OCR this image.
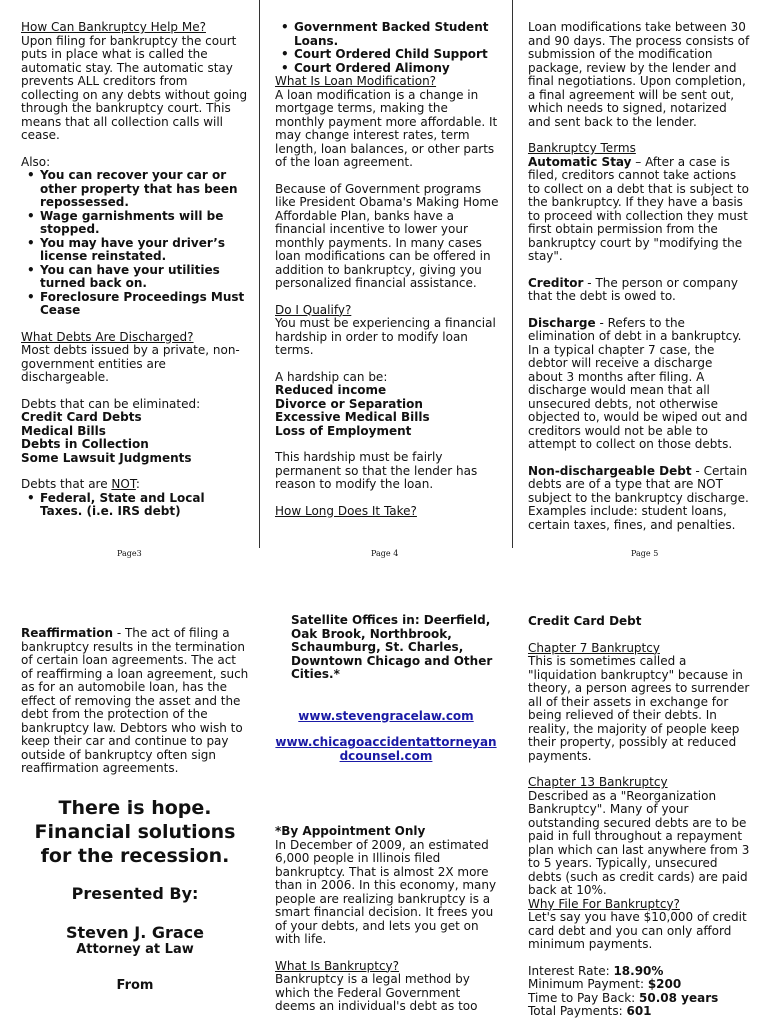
How Can Bankruptcy Help Me?

Upon filing for bankruptcy the court puts in place what is called the automatic stay. The automatic stay prevents ALL creditors from collecting on any debts without going through the bankruptcy court. This means that all collection calls will cease.

Also:

• You can recover your car or other property that has been repossessed.
• Wage garnishments will be stopped.
• You may have your driver’s license reinstated.
• You can have your utilities turned back on.
• Foreclosure Proceedings Must Cease

What Debts Are Discharged?

Most debts issued by a private, non-government entities are dischargeable.

Debts that can be eliminated:

Credit Card Debts

Medical Bills

Debts in Collection

Some Lawsuit Judgments

Debts that are NOT:

• Federal, State and Local Taxes. (i.e. IRS debt)
Page3
• Government Backed Student Loans.
• Court Ordered Child Support
• Court Ordered Alimony

What Is Loan Modification?

A loan modification is a change in mortgage terms, making the monthly payment more affordable. It may change interest rates, term length, loan balances, or other parts of the loan agreement.

Because of Government programs like President Obama's Making Home Affordable Plan, banks have a financial incentive to lower your monthly payments. In many cases loan modifications can be offered in addition to bankruptcy, giving you personalized financial assistance.

Do I Qualify?

You must be experiencing a financial hardship in order to modify loan terms.

A hardship can be:

Reduced income

Divorce or Separation

Excessive Medical Bills

Loss of Employment

This hardship must be fairly permanent so that the lender has reason to modify the loan.

How Long Does It Take?

Page 4

Loan modifications take between 30 and 90 days. The process consists of submission of the modification package, review by the lender and final negotiations. Upon completion, a final agreement will be sent out, which needs to signed, notarized and sent back to the lender.

Bankruptcy Terms

Automatic Stay – After a case is filed, creditors cannot take actions to collect on a debt that is subject to the bankruptcy. If they have a basis to proceed with collection they must first obtain permission from the bankruptcy court by "modifying the stay".

Creditor - The person or company that the debt is owed to.

Discharge - Refers to the elimination of debt in a bankruptcy. In a typical chapter 7 case, the debtor will receive a discharge about 3 months after filing. A discharge would mean that all unsecured debts, not otherwise objected to, would be wiped out and creditors would not be able to attempt to collect on those debts.

Non-dischargeable Debt - Certain debts are of a type that are NOT subject to the bankruptcy discharge. Examples include: student loans, certain taxes, fines, and penalties.

Page 5

Reaffirmation - The act of filing a bankruptcy results in the termination of certain loan agreements. The act of reaffirming a loan agreement, such as for an automobile loan, has the effect of removing the asset and the debt from the protection of the bankruptcy law. Debtors who wish to keep their car and continue to pay outside of bankruptcy often sign reaffirmation agreements.

There is hope. Financial solutions for the recession.

Presented By:

Steven J. Grace

Attorney at Law

From

Satellite Offices in: Deerfield, Oak Brook, Northbrook, Schaumburg, St. Charles, Downtown Chicago and Other Cities.*

www.stevengracelaw.com

www.chicagoaccidentattorneyandcounsel.com

*By Appointment Only

In December of 2009, an estimated 6,000 people in Illinois filed bankruptcy. That is almost 2X more than in 2006. In this economy, many people are realizing bankruptcy is a smart financial decision. It frees you of your debts, and lets you get on with life.

What Is Bankruptcy?

Bankruptcy is a legal method by which the Federal Government deems an individual's debt as too

Credit Card Debt

Chapter 7 Bankruptcy

This is sometimes called a "liquidation bankruptcy" because in theory, a person agrees to surrender all of their assets in exchange for being relieved of their debts. In reality, the majority of people keep their property, possibly at reduced payments.

Chapter 13 Bankruptcy

Described as a "Reorganization Bankruptcy". Many of your outstanding secured debts are to be paid in full throughout a repayment plan which can last anywhere from 3 to 5 years. Typically, unsecured debts (such as credit cards) are paid back at 10%.

Why File For Bankruptcy?

Let's say you have $10,000 of credit card debt and you can only afford minimum payments.

Interest Rate: 18.90%

Minimum Payment: $200

Time to Pay Back: 50.08 years

Total Payments: 601
